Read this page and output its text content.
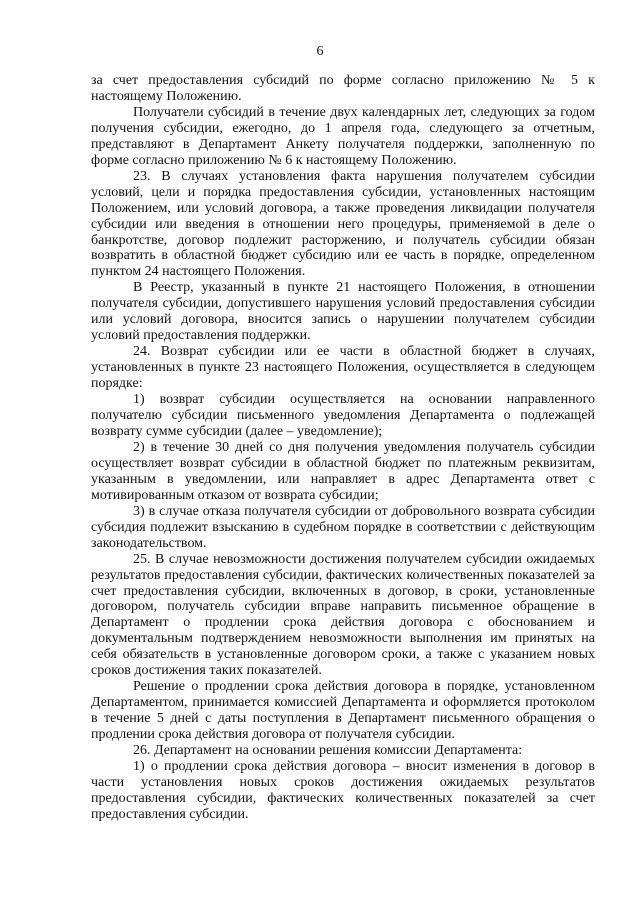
6

за счет предоставления субсидий по форме согласно приложению № 5 к настоящему Положению.

Получатели субсидий в течение двух календарных лет, следующих за годом получения субсидии, ежегодно, до 1 апреля года, следующего за отчетным, представляют в Департамент Анкету получателя поддержки, заполненную по форме согласно приложению № 6 к настоящему Положению.

23. В случаях установления факта нарушения получателем субсидии условий, цели и порядка предоставления субсидии, установленных настоящим Положением, или условий договора, а также проведения ликвидации получателя субсидии или введения в отношении него процедуры, применяемой в деле о банкротстве, договор подлежит расторжению, и получатель субсидии обязан возвратить в областной бюджет субсидию или ее часть в порядке, определенном пунктом 24 настоящего Положения.

В Реестр, указанный в пункте 21 настоящего Положения, в отношении получателя субсидии, допустившего нарушения условий предоставления субсидии или условий договора, вносится запись о нарушении получателем субсидии условий предоставления поддержки.

24. Возврат субсидии или ее части в областной бюджет в случаях, установленных в пункте 23 настоящего Положения, осуществляется в следующем порядке:

1) возврат субсидии осуществляется на основании направленного получателю субсидии письменного уведомления Департамента о подлежащей возврату сумме субсидии (далее – уведомление);

2) в течение 30 дней со дня получения уведомления получатель субсидии осуществляет возврат субсидии в областной бюджет по платежным реквизитам, указанным в уведомлении, или направляет в адрес Департамента ответ с мотивированным отказом от возврата субсидии;

3) в случае отказа получателя субсидии от добровольного возврата субсидии субсидия подлежит взысканию в судебном порядке в соответствии с действующим законодательством.

25. В случае невозможности достижения получателем субсидии ожидаемых результатов предоставления субсидии, фактических количественных показателей за счет предоставления субсидии, включенных в договор, в сроки, установленные договором, получатель субсидии вправе направить письменное обращение в Департамент о продлении срока действия договора с обоснованием и документальным подтверждением невозможности выполнения им принятых на себя обязательств в установленные договором сроки, а также с указанием новых сроков достижения таких показателей.

Решение о продлении срока действия договора в порядке, установленном Департаментом, принимается комиссией Департамента и оформляется протоколом в течение 5 дней с даты поступления в Департамент письменного обращения о продлении срока действия договора от получателя субсидии.

26. Департамент на основании решения комиссии Департамента:

1) о продлении срока действия договора – вносит изменения в договор в части установления новых сроков достижения ожидаемых результатов предоставления субсидии, фактических количественных показателей за счет предоставления субсидии.
